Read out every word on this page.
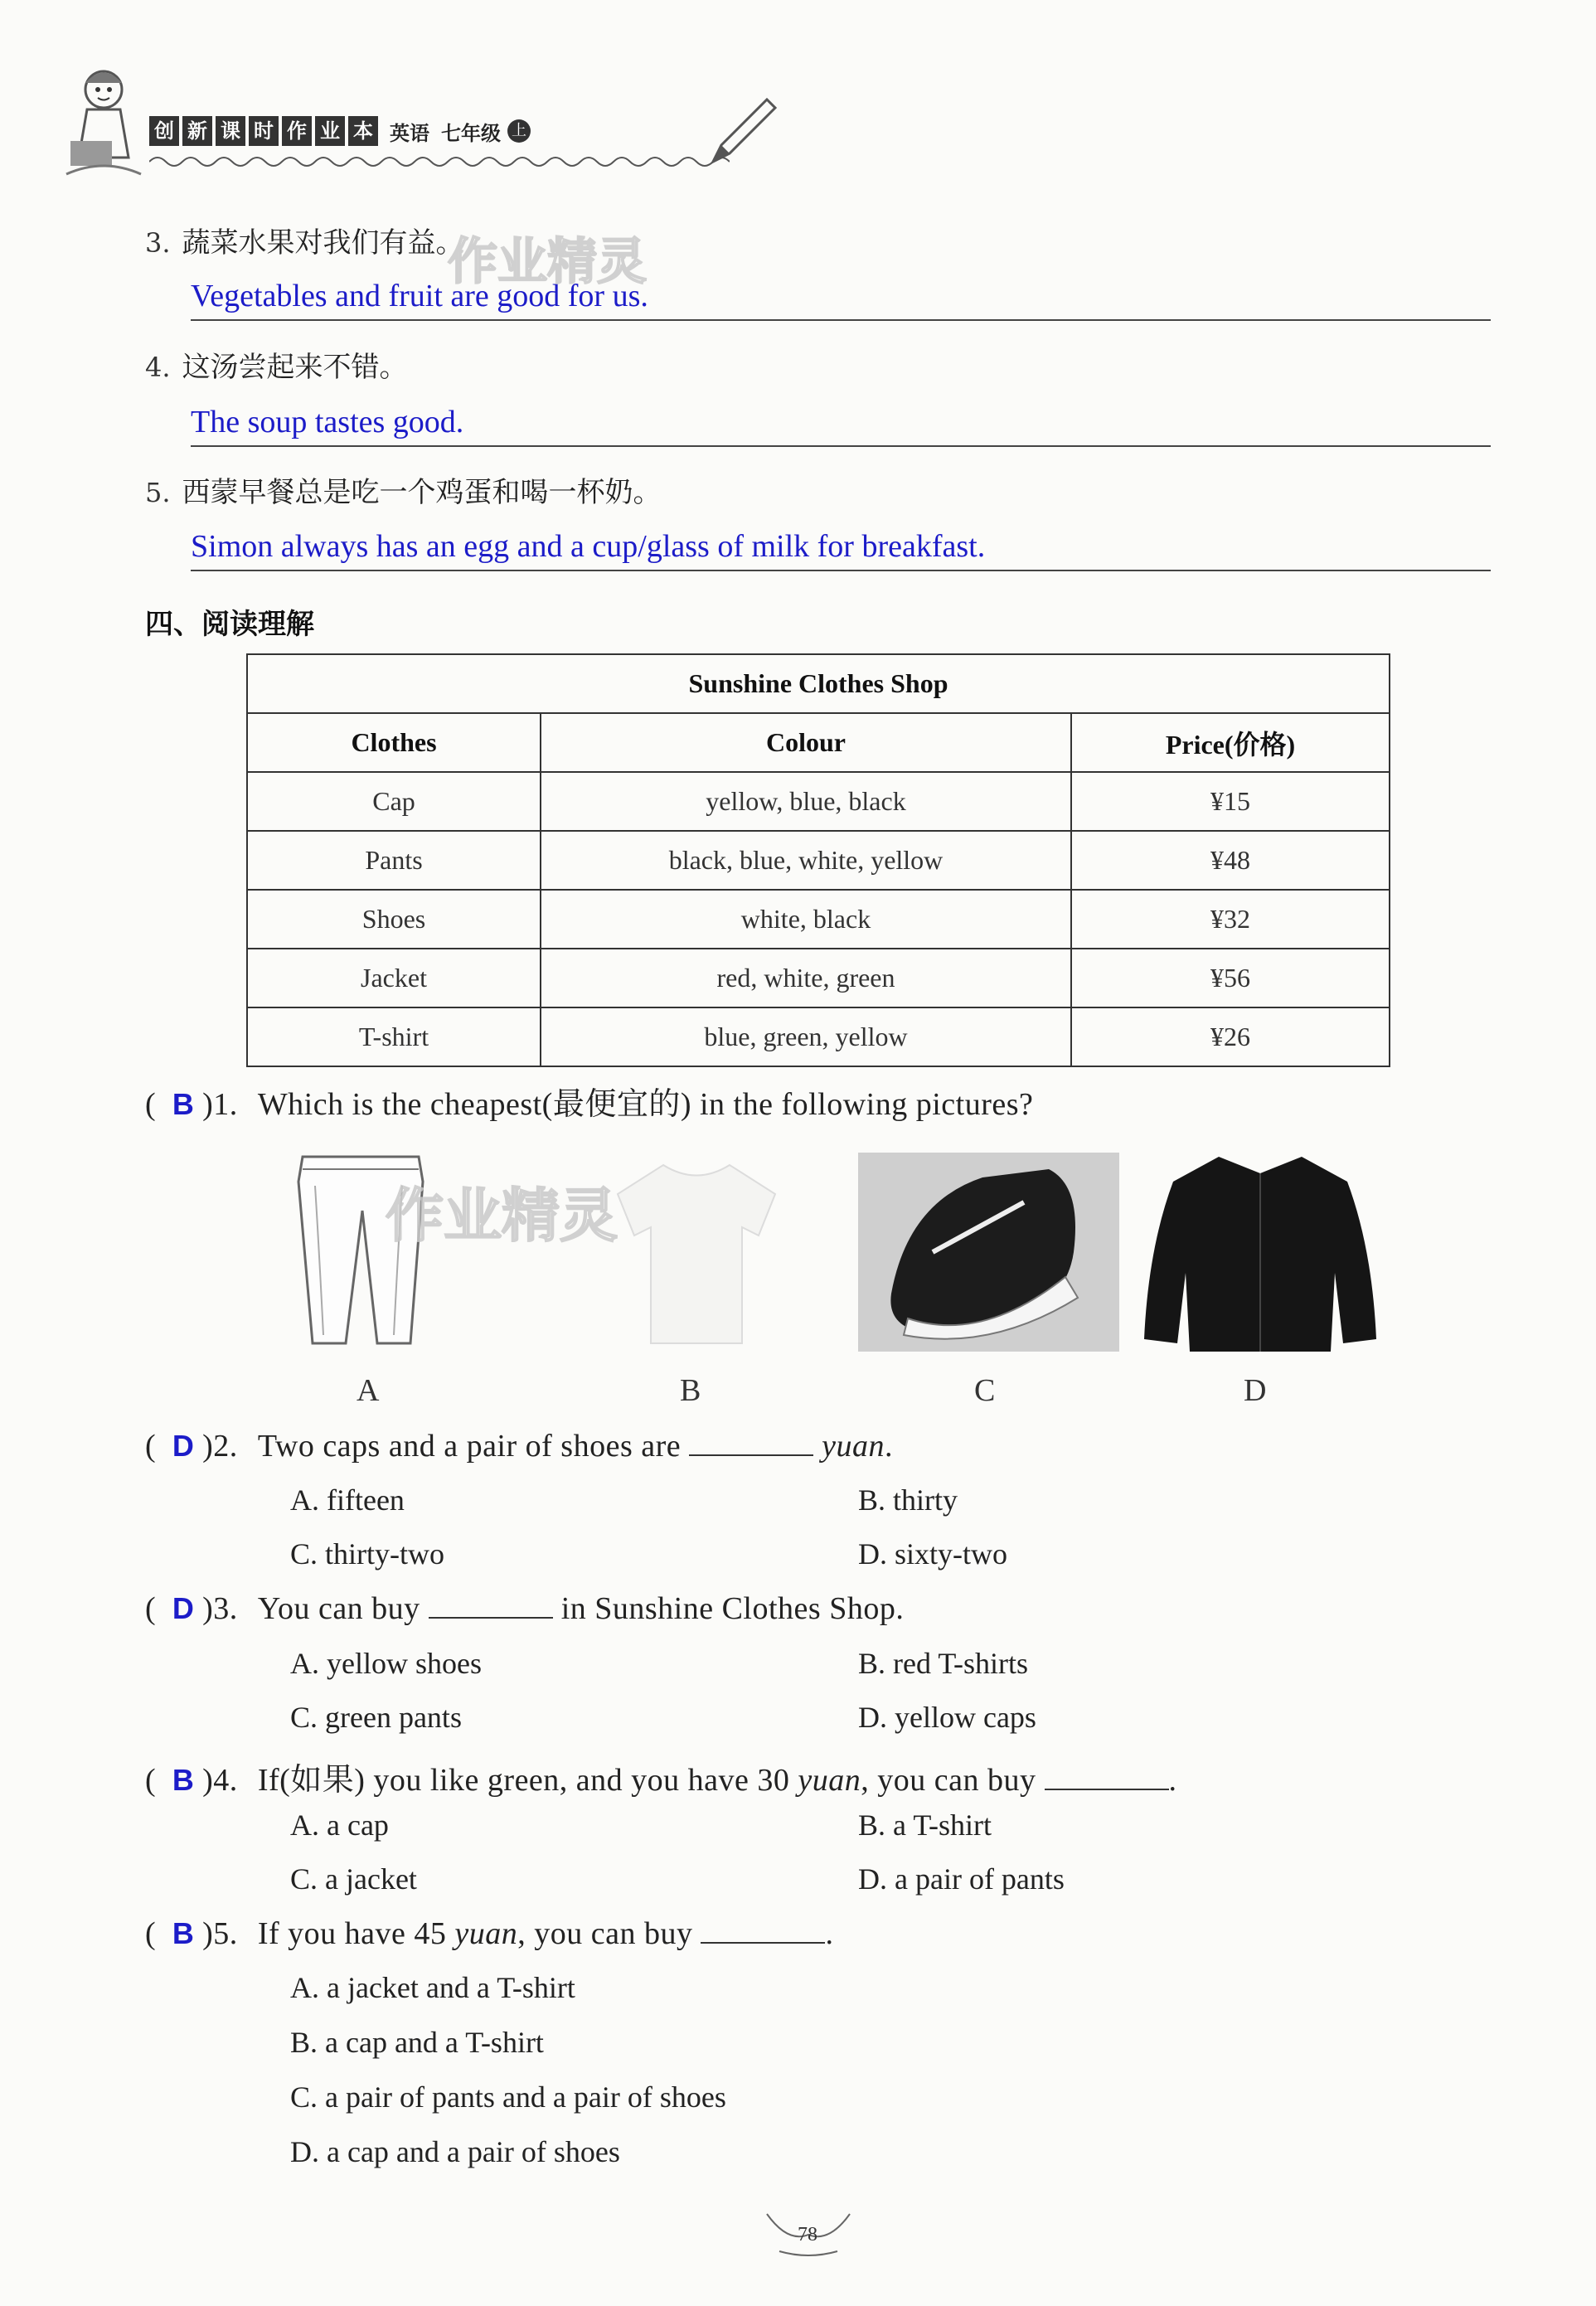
创 新 课 时 作 业 本 英语 七年级 上
3. 蔬菜水果对我们有益。
Vegetables and fruit are good for us.
作业精灵
4. 这汤尝起来不错。
The soup tastes good.
5. 西蒙早餐总是吃一个鸡蛋和喝一杯奶。
Simon always has an egg and a cup/glass of milk for breakfast.
四、阅读理解
Sunshine Clothes Shop		
Clothes	Colour	Price(价格)
Cap	yellow, blue, black	¥15
Pants	black, blue, white, yellow	¥48
Shoes	white, black	¥32
Jacket	red, white, green	¥56
T-shirt	blue, green, yellow	¥26
( B )1. Which is the cheapest(最便宜的) in the following pictures?
作业精灵
A	B	C	D
( D )2. Two caps and a pair of shoes are	yuan.
A. fifteen	B. thirty
C. thirty-two	D. sixty-two
( D )3. You can buy	in Sunshine Clothes Shop.
A. yellow shoes	B. red T-shirts
C. green pants	D. yellow caps
( B )4. If(如果) you like green, and you have 30 yuan, you can buy	.
A. a cap	B. a T-shirt
C. a jacket	D. a pair of pants
( B )5. If you have 45 yuan, you can buy	.
A. a jacket and a T-shirt
B. a cap and a T-shirt
C. a pair of pants and a pair of shoes
D. a cap and a pair of shoes
78
